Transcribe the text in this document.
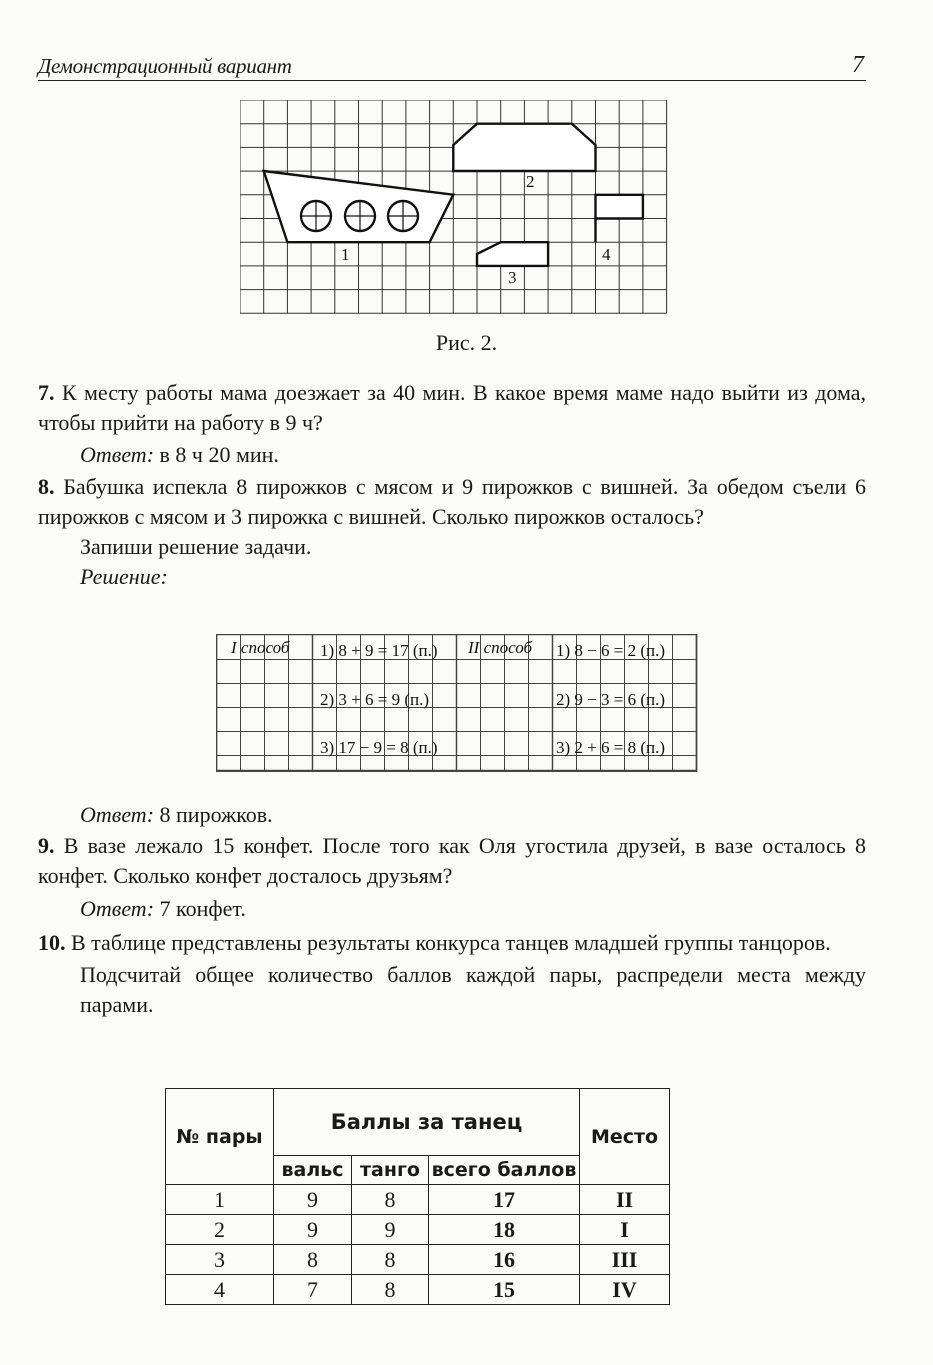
Демонстрационный вариант	7
1
2
3
4
Рис. 2.
7. К месту работы мама доезжает за 40 мин. В какое время маме надо выйти из дома, чтобы прийти на работу в 9 ч?
Ответ: в 8 ч 20 мин.
8. Бабушка испекла 8 пирожков с мясом и 9 пирожков с вишней. За обедом съели 6 пирожков с мясом и 3 пирожка с вишней. Сколько пирожков осталось?
Запиши решение задачи.
Решение:
I способ 1) 8 + 9 = 17 (п.)
2) 3 + 6 = 9 (п.)
3) 17 − 9 = 8 (п.)
II способ 1) 8 − 6 = 2 (п.)
2) 9 − 3 = 6 (п.)
3) 2 + 6 = 8 (п.)
Ответ: 8 пирожков.
9. В вазе лежало 15 конфет. После того как Оля угостила друзей, в вазе осталось 8 конфет. Сколько конфет досталось друзьям?
Ответ: 7 конфет.
10. В таблице представлены результаты конкурса танцев младшей группы танцоров.
Подсчитай общее количество баллов каждой пары, распредели места между парами.
№ пары	Баллы за танец			Место
	вальс	танго	всего баллов	
1	9	8	17	II
2	9	9	18	I
3	8	8	16	III
4	7	8	15	IV
